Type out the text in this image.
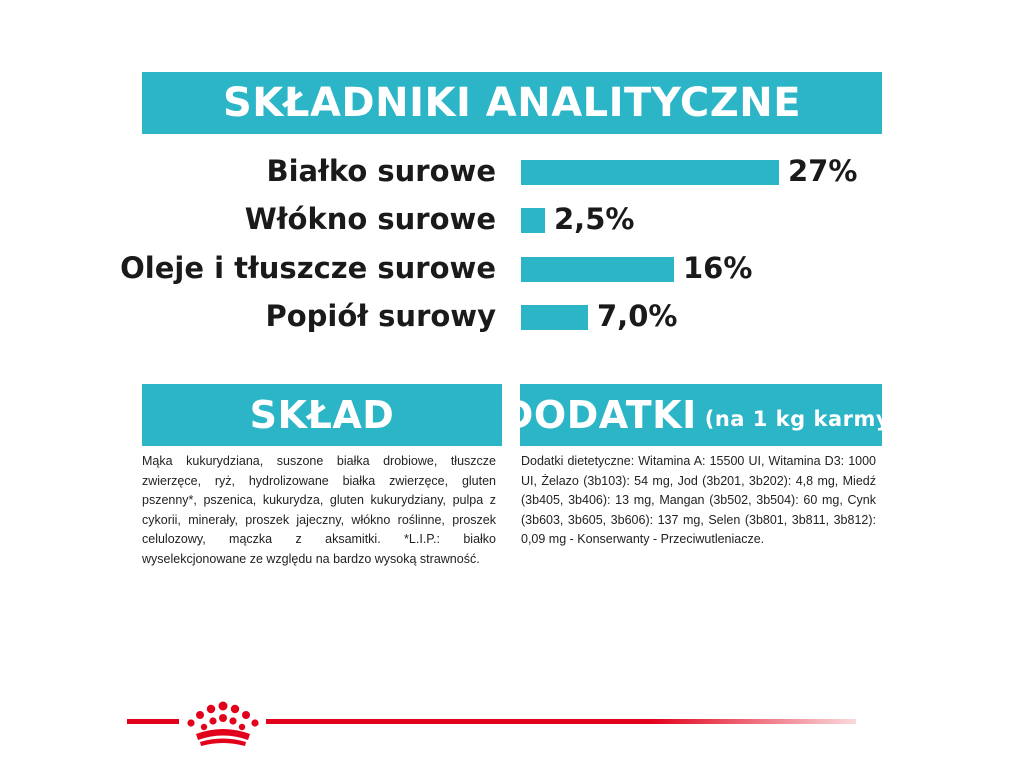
SKŁADNIKI ANALITYCZNE
Białko surowe	27%
Włókno surowe 2,5%
Oleje i tłuszcze surowe	16%
Popiół surowy	7,0%
SKŁAD	DODATKI (na 1 kg karmy)
Mąka kukurydziana, suszone białka drobiowe, tłuszcze zwierzęce, ryż, hydrolizowane białka zwierzęce, gluten pszenny*, pszenica, kukurydza, gluten kukurydziany, pulpa z cykorii, minerały, proszek jajeczny, włókno roślinne, proszek celulozowy, mączka z aksamitki. *L.I.P.: białko wyselekcjonowane ze względu na bardzo wysoką strawność.
Dodatki dietetyczne: Witamina A: 15500 UI, Witamina D3: 1000 UI, Żelazo (3b103): 54 mg, Jod (3b201, 3b202): 4,8 mg, Miedź (3b405, 3b406): 13 mg, Mangan (3b502, 3b504): 60 mg, Cynk (3b603, 3b605, 3b606): 137 mg, Selen (3b801, 3b811, 3b812): 0,09 mg - Konserwanty - Przeciwutleniacze.
